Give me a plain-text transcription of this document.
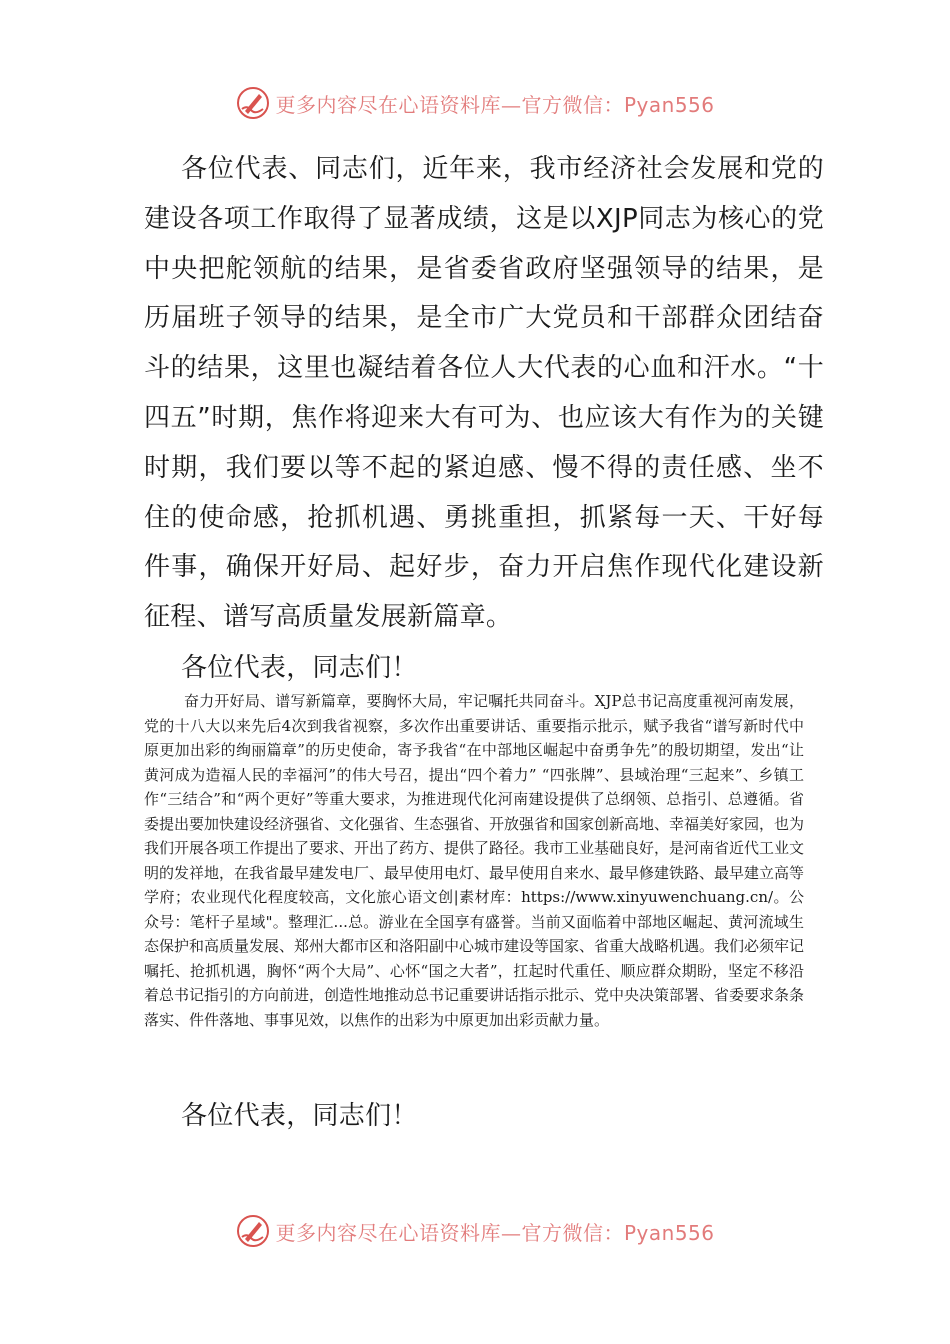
更多内容尽在心语资料库—官方微信：Pyan556

各位代表、同志们，近年来，我市经济社会发展和党的建设各项工作取得了显著成绩，这是以XJP同志为核心的党中央把舵领航的结果，是省委省政府坚强领导的结果，是历届班子领导的结果，是全市广大党员和干部群众团结奋斗的结果，这里也凝结着各位人大代表的心血和汗水。“十四五”时期，焦作将迎来大有可为、也应该大有作为的关键时期，我们要以等不起的紧迫感、慢不得的责任感、坐不住的使命感，抢抓机遇、勇挑重担，抓紧每一天、干好每件事，确保开好局、起好步，奋力开启焦作现代化建设新征程、谱写高质量发展新篇章。

各位代表，同志们！

奋力开好局、谱写新篇章，要胸怀大局，牢记嘱托共同奋斗。XJP总书记高度重视河南发展，党的十八大以来先后4次到我省视察，多次作出重要讲话、重要指示批示，赋予我省“谱写新时代中原更加出彩的绚丽篇章”的历史使命，寄予我省“在中部地区崛起中奋勇争先”的殷切期望，发出“让黄河成为造福人民的幸福河”的伟大号召，提出“四个着力” “四张牌”、县域治理“三起来”、乡镇工作“三结合”和“两个更好”等重大要求，为推进现代化河南建设提供了总纲领、总指引、总遵循。省委提出要加快建设经济强省、文化强省、生态强省、开放强省和国家创新高地、幸福美好家园，也为我们开展各项工作提出了要求、开出了药方、提供了路径。我市工业基础良好，是河南省近代工业文明的发祥地，在我省最早建发电厂、最早使用电灯、最早使用自来水、最早修建铁路、最早建立高等学府；农业现代化程度较高，文化旅心语文创|素材库：https://www.xinyuwenchuang.cn/。公众号：笔杆子星域"。整理汇...总。游业在全国享有盛誉。当前又面临着中部地区崛起、黄河流域生态保护和高质量发展、郑州大都市区和洛阳副中心城市建设等国家、省重大战略机遇。我们必须牢记嘱托、抢抓机遇，胸怀“两个大局”、心怀“国之大者”，扛起时代重任、顺应群众期盼，坚定不移沿着总书记指引的方向前进，创造性地推动总书记重要讲话指示批示、党中央决策部署、省委要求条条落实、件件落地、事事见效，以焦作的出彩为中原更加出彩贡献力量。

各位代表，同志们！

更多内容尽在心语资料库—官方微信：Pyan556
